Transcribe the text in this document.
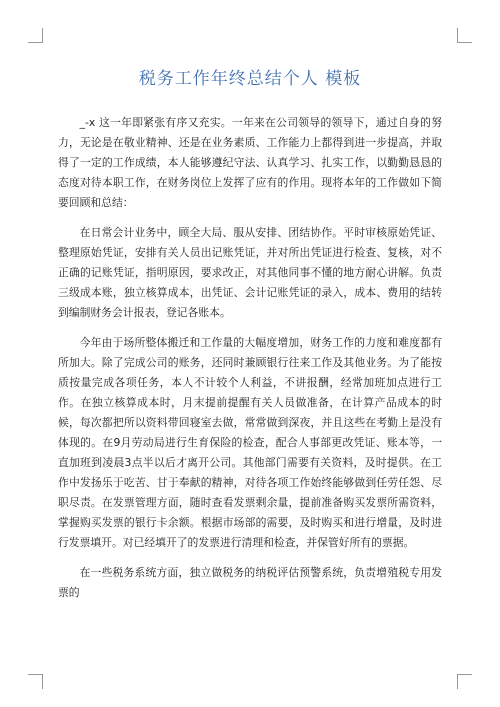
税务工作年终总结个人 模板

_-x 这一年即紧张有序又充实。一年来在公司领导的领导下，通过自身的努力，无论是在敬业精神、还是在业务素质、工作能力上都得到进一步提高，并取得了一定的工作成绩，本人能够遵纪守法、认真学习、扎实工作，以勤勤恳恳的态度对待本职工作，在财务岗位上发挥了应有的作用。现将本年的工作做如下简要回顾和总结：

在日常会计业务中，顾全大局、服从安排、团结协作。平时审核原始凭证、整理原始凭证，安排有关人员出记账凭证，并对所出凭证进行检查、复核，对不正确的记账凭证，指明原因，要求改正，对其他同事不懂的地方耐心讲解。负责三级成本账，独立核算成本，出凭证、会计记账凭证的录入，成本、费用的结转到编制财务会计报表，登记各账本。

今年由于场所整体搬迁和工作量的大幅度增加，财务工作的力度和难度都有所加大。除了完成公司的账务，还同时兼顾银行往来工作及其他业务。为了能按质按量完成各项任务，本人不计较个人利益，不讲报酬，经常加班加点进行工作。在独立核算成本时，月末提前提醒有关人员做准备，在计算产品成本的时候，每次都把所以资料带回寝室去做，常常做到深夜，并且这些在考勤上是没有体现的。在9月劳动局进行生育保险的检查，配合人事部更改凭证、账本等，一直加班到凌晨3点半以后才离开公司。其他部门需要有关资料，及时提供。在工作中发扬乐于吃苦、甘于奉献的精神，对待各项工作始终能够做到任劳任怨、尽职尽责。在发票管理方面，随时查看发票剩余量，提前准备购买发票所需资料，掌握购买发票的银行卡余额。根据市场部的需要，及时购买和进行增量，及时进行发票填开。对已经填开了的发票进行清理和检查，并保管好所有的票据。

在一些税务系统方面，独立做税务的纳税评估预警系统，负责增殖税专用发票的
